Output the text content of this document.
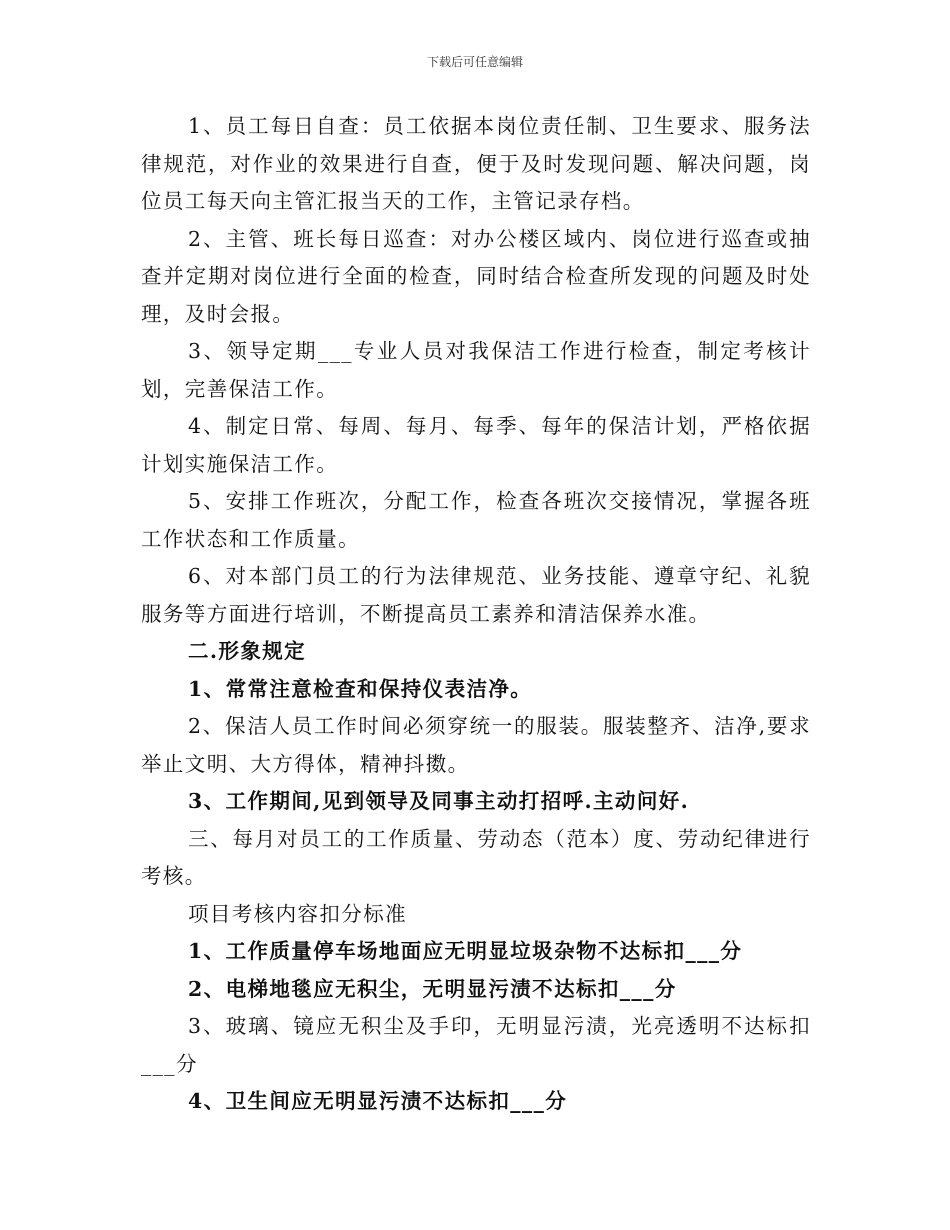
下载后可任意编辑

1、员工每日自查：员工依据本岗位责任制、卫生要求、服务法律规范，对作业的效果进行自查，便于及时发现问题、解决问题，岗位员工每天向主管汇报当天的工作，主管记录存档。

2、主管、班长每日巡查：对办公楼区域内、岗位进行巡查或抽查并定期对岗位进行全面的检查，同时结合检查所发现的问题及时处理，及时会报。

3、领导定期___专业人员对我保洁工作进行检查，制定考核计划，完善保洁工作。

4、制定日常、每周、每月、每季、每年的保洁计划，严格依据计划实施保洁工作。

5、安排工作班次，分配工作，检查各班次交接情况，掌握各班工作状态和工作质量。

6、对本部门员工的行为法律规范、业务技能、遵章守纪、礼貌服务等方面进行培训，不断提高员工素养和清洁保养水准。

二.形象规定

1、常常注意检查和保持仪表洁净。

2、保洁人员工作时间必须穿统一的服装。服装整齐、洁净,要求举止文明、大方得体，精神抖擞。

3、工作期间,见到领导及同事主动打招呼.主动问好.

三、每月对员工的工作质量、劳动态（范本）度、劳动纪律进行考核。

项目考核内容扣分标准

1、工作质量停车场地面应无明显垃圾杂物不达标扣___分

2、电梯地毯应无积尘，无明显污渍不达标扣___分

3、玻璃、镜应无积尘及手印，无明显污渍，光亮透明不达标扣___分

4、卫生间应无明显污渍不达标扣___分
